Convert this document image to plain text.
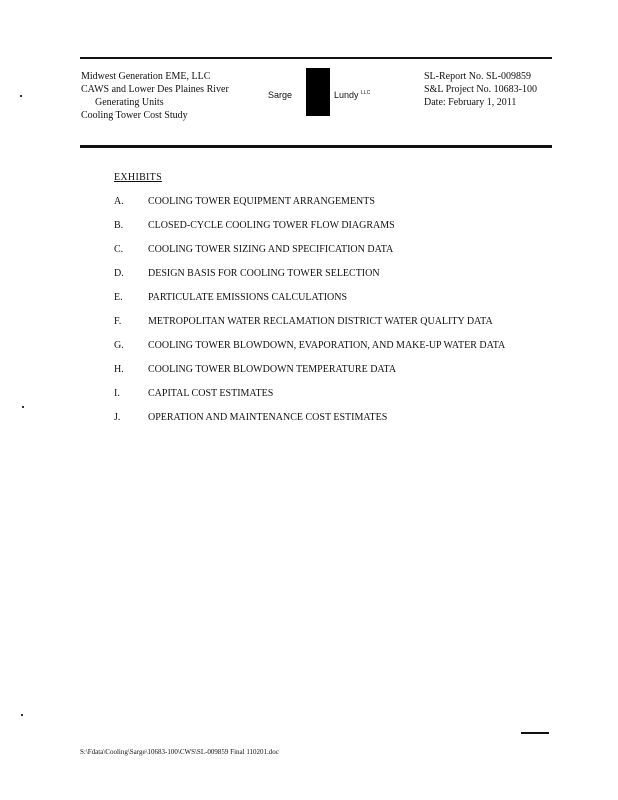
Midwest Generation EME, LLC
CAWS and Lower Des Plaines River
Generating Units
Cooling Tower Cost Study
Sarge	Lundy $^{LLC}$
SL-Report No. SL-009859
S&L Project No. 10683-100
Date: February 1, 2011
EXHIBITS
A.	COOLING TOWER EQUIPMENT ARRANGEMENTS
B.	CLOSED-CYCLE COOLING TOWER FLOW DIAGRAMS
C.	COOLING TOWER SIZING AND SPECIFICATION DATA
D.	DESIGN BASIS FOR COOLING TOWER SELECTION
E.	PARTICULATE EMISSIONS CALCULATIONS
F.	METROPOLITAN WATER RECLAMATION DISTRICT WATER QUALITY DATA
G.	COOLING TOWER BLOWDOWN, EVAPORATION, AND MAKE-UP WATER DATA
H.	COOLING TOWER BLOWDOWN TEMPERATURE DATA
I.	CAPITAL COST ESTIMATES
J.	OPERATION AND MAINTENANCE COST ESTIMATES
S:\Fdata\Cooling\Sarge\10683-100\CWS\SL-009859 Final 110201.doc
